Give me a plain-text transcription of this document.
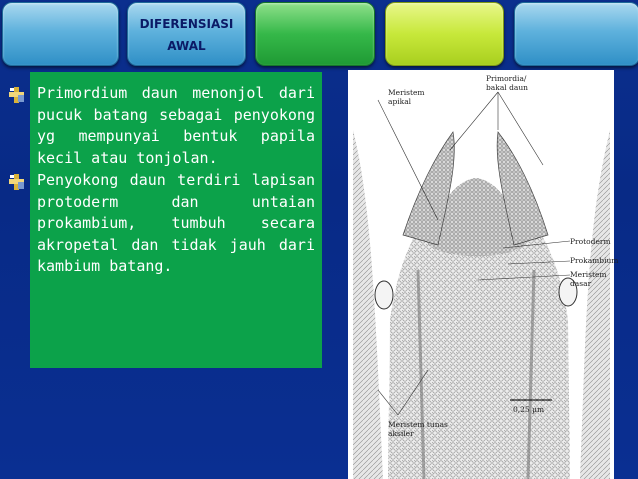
DIFERENSIASI
AWAL
Primordium daun menonjol dari pucuk batang sebagai penyokong yg mempunyai bentuk papila kecil atau tonjolan.
Penyokong daun terdiri lapisan protoderm dan untaian prokambium, tumbuh secara akropetal dan tidak jauh dari kambium batang.
Meristem apikal
Primordia/ bakal daun
Protoderm
Prokambium
Meristem dasar
Meristem tunas aksiler
0,25 µm
